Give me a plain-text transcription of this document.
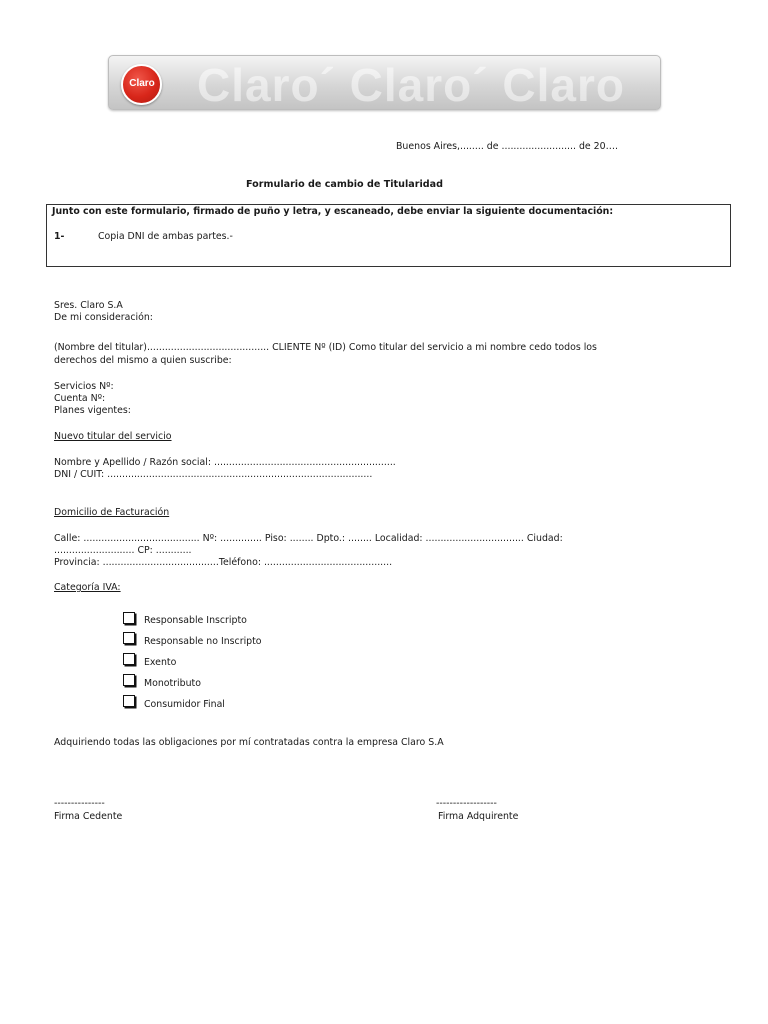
Claro´ Claro´ Claro
Claro
Buenos Aires,........ de ......................... de 20….
Formulario de cambio de Titularidad
Junto con este formulario, firmado de puño y letra, y escaneado, debe enviar la siguiente documentación:
1-	Copia DNI de ambas partes.-
Sres. Claro S.A
De mi consideración:
(Nombre del titular)......................................... CLIENTE Nº (ID) Como titular del servicio a mi nombre cedo todos los
derechos del mismo a quien suscribe:
Servicios Nº:
Cuenta Nº:
Planes vigentes:
Nuevo titular del servicio
Nombre y Apellido / Razón social: .............................................................
DNI / CUIT: .........................................................................................
Domicilio de Facturación
Calle: ....................................... Nº: .............. Piso: ........ Dpto.: ........ Localidad: ................................. Ciudad:
........................... CP: ............
Provincia: .......................................Teléfono: ...........................................
Categoría IVA:
Responsable Inscripto
Responsable no Inscripto
Exento
Monotributo
Consumidor Final
Adquiriendo todas las obligaciones por mí contratadas contra la empresa Claro S.A
---------------
Firma Cedente
------------------
Firma Adquirente
